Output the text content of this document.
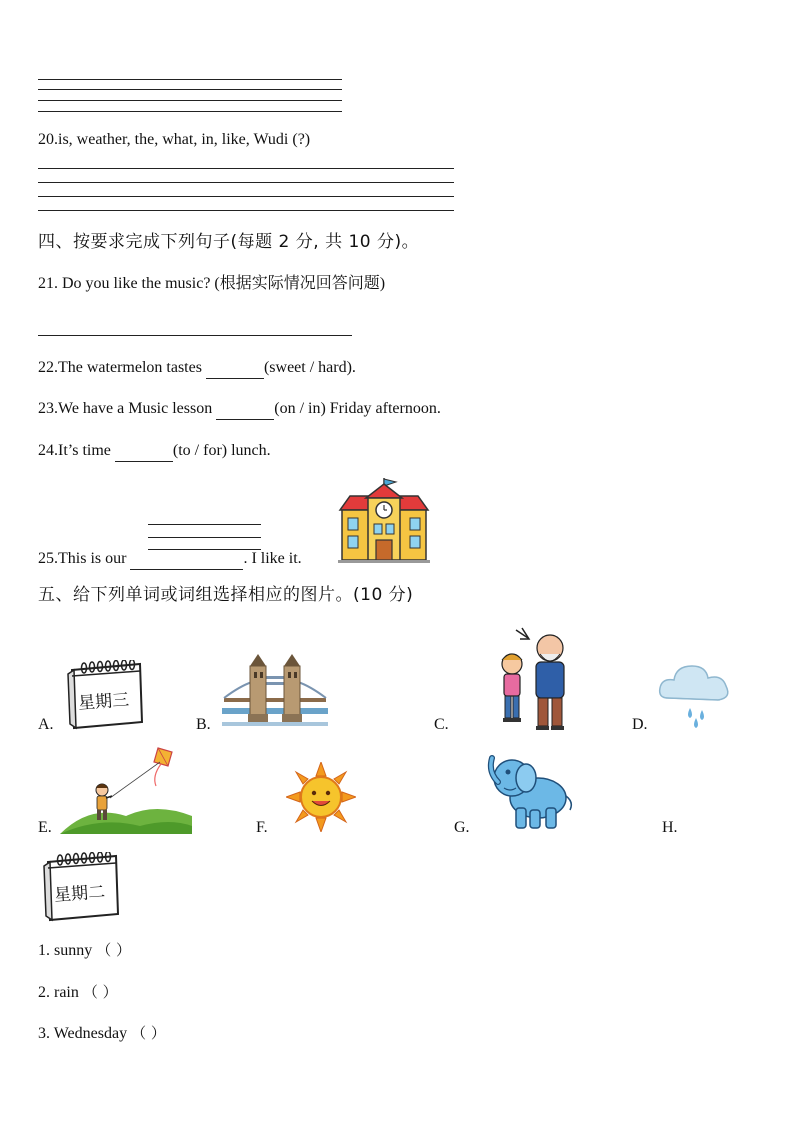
20.is, weather, the, what, in, like, Wudi (?)
四、按要求完成下列句子(每题 2 分, 共 10 分)。
21. Do you like the music? (根据实际情况回答问题)
22.The watermelon tastes	(sweet / hard).
23.We have a Music lesson	(on / in) Friday afternoon.
24.It’s time	(to / for) lunch.
25.This is our	. I like it.
五、给下列单词或词组选择相应的图片。(10 分)
A.	B.	C.	D.
星期三
E.	F.	G.	H.
星期二
1. sunny （ ）
2. rain （ ）
3. Wednesday （ ）
